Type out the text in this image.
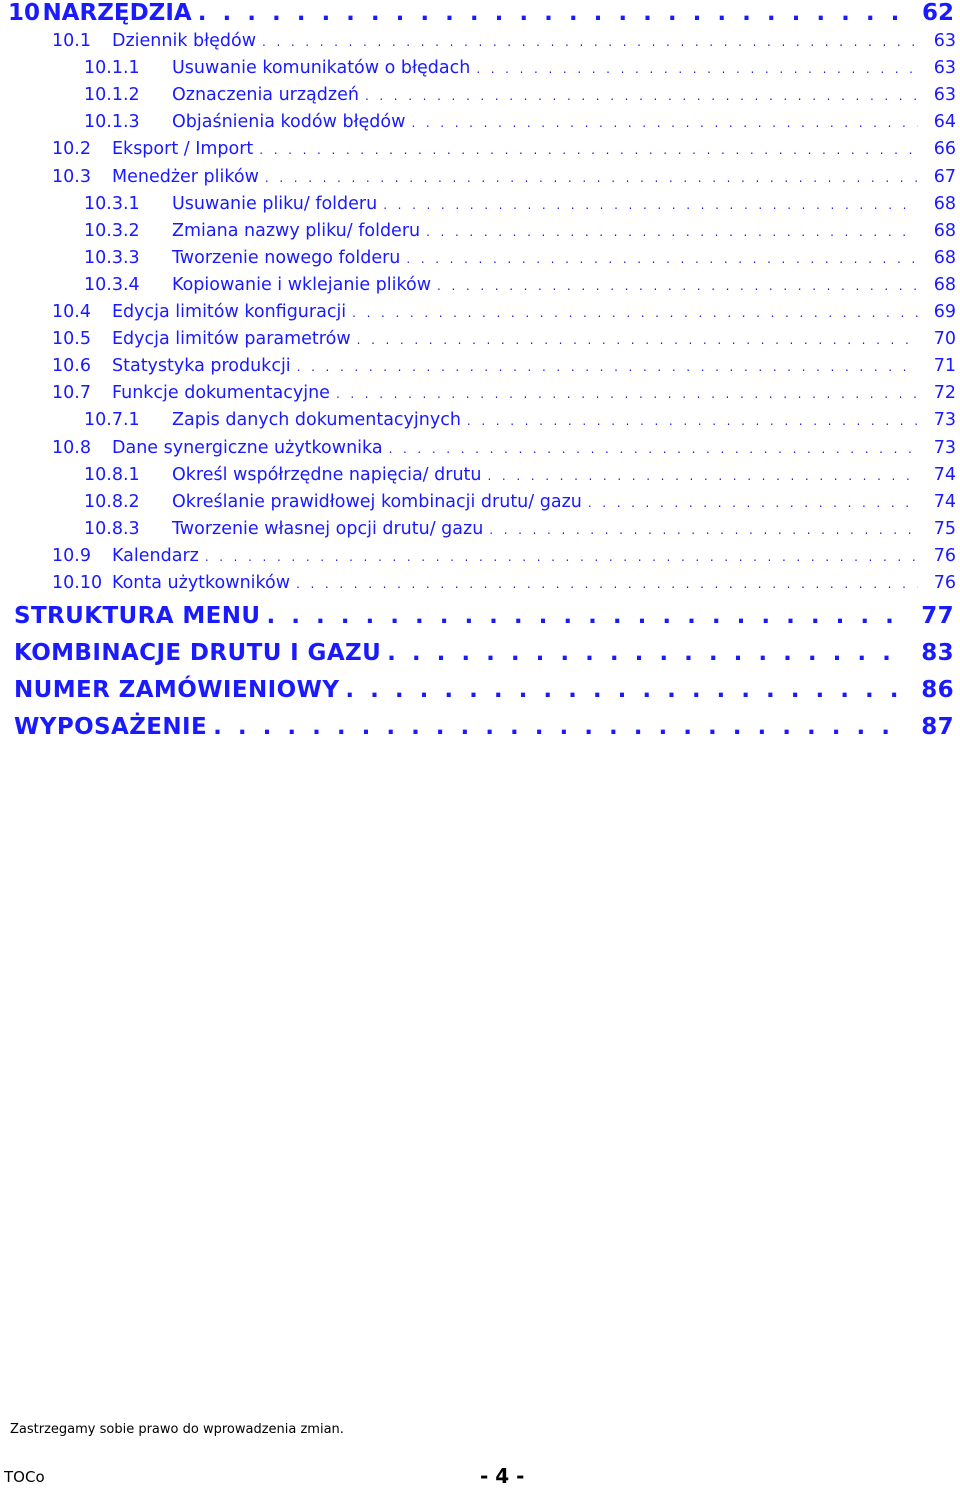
10 NARZĘDZIA . . .	62
10.1	Dziennik błędów . . .	63
10.1.1	Usuwanie komunikatów o błędach . . .	63
10.1.2	Oznaczenia urządzeń . . .	63
10.1.3	Objaśnienia kodów błędów . . .	64
10.2	Eksport / Import . . .	66
10.3	Menedżer plików . . .	67
10.3.1	Usuwanie pliku/ folderu . . .	68
10.3.2	Zmiana nazwy pliku/ folderu . . .	68
10.3.3	Tworzenie nowego folderu . . .	68
10.3.4	Kopiowanie i wklejanie plików . . .	68
10.4	Edycja limitów konfiguracji . . .	69
10.5	Edycja limitów parametrów . . .	70
10.6	Statystyka produkcji . . .	71
10.7	Funkcje dokumentacyjne . . .	72
10.7.1	Zapis danych dokumentacyjnych . . .	73
10.8	Dane synergiczne użytkownika . . .	73
10.8.1	Określ współrzędne napięcia/ drutu . . .	74
10.8.2	Określanie prawidłowej kombinacji drutu/ gazu . . .	74
10.8.3	Tworzenie własnej opcji drutu/ gazu . . .	75
10.9	Kalendarz . . .	76
10.10 Konta użytkowników . . .	76
STRUKTURA MENU . . .	77
KOMBINACJE DRUTU I GAZU . . .	83
NUMER ZAMÓWIENIOWY . . .	86
WYPOSAŻENIE . . .	87
Zastrzegamy sobie prawo do wprowadzenia zmian.
TOCo	- 4 -
